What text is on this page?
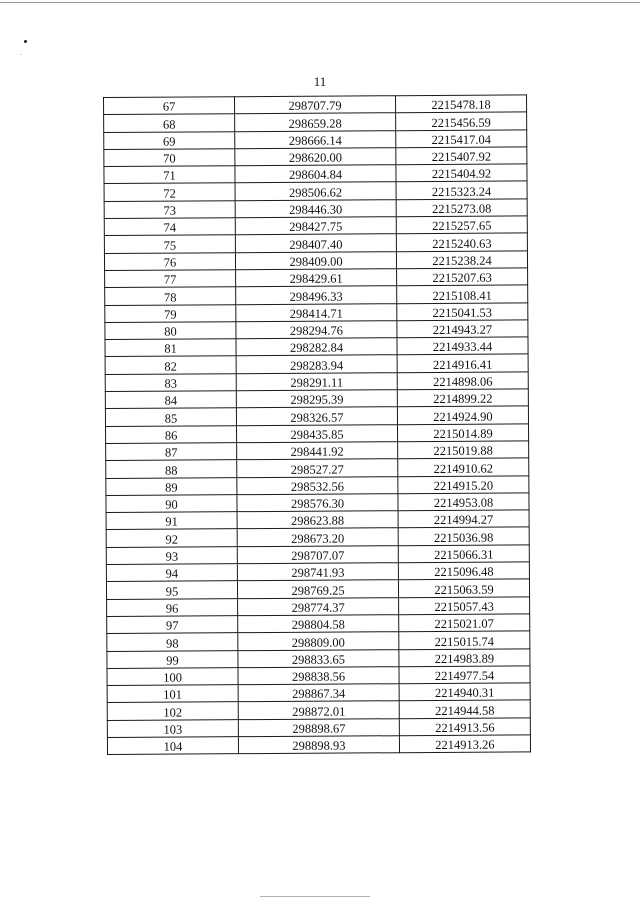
11
67	298707.79	2215478.18
68	298659.28	2215456.59
69	298666.14	2215417.04
70	298620.00	2215407.92
71	298604.84	2215404.92
72	298506.62	2215323.24
73	298446.30	2215273.08
74	298427.75	2215257.65
75	298407.40	2215240.63
76	298409.00	2215238.24
77	298429.61	2215207.63
78	298496.33	2215108.41
79	298414.71	2215041.53
80	298294.76	2214943.27
81	298282.84	2214933.44
82	298283.94	2214916.41
83	298291.11	2214898.06
84	298295.39	2214899.22
85	298326.57	2214924.90
86	298435.85	2215014.89
87	298441.92	2215019.88
88	298527.27	2214910.62
89	298532.56	2214915.20
90	298576.30	2214953.08
91	298623.88	2214994.27
92	298673.20	2215036.98
93	298707.07	2215066.31
94	298741.93	2215096.48
95	298769.25	2215063.59
96	298774.37	2215057.43
97	298804.58	2215021.07
98	298809.00	2215015.74
99	298833.65	2214983.89
100	298838.56	2214977.54
101	298867.34	2214940.31
102	298872.01	2214944.58
103	298898.67	2214913.56
104	298898.93	2214913.26
